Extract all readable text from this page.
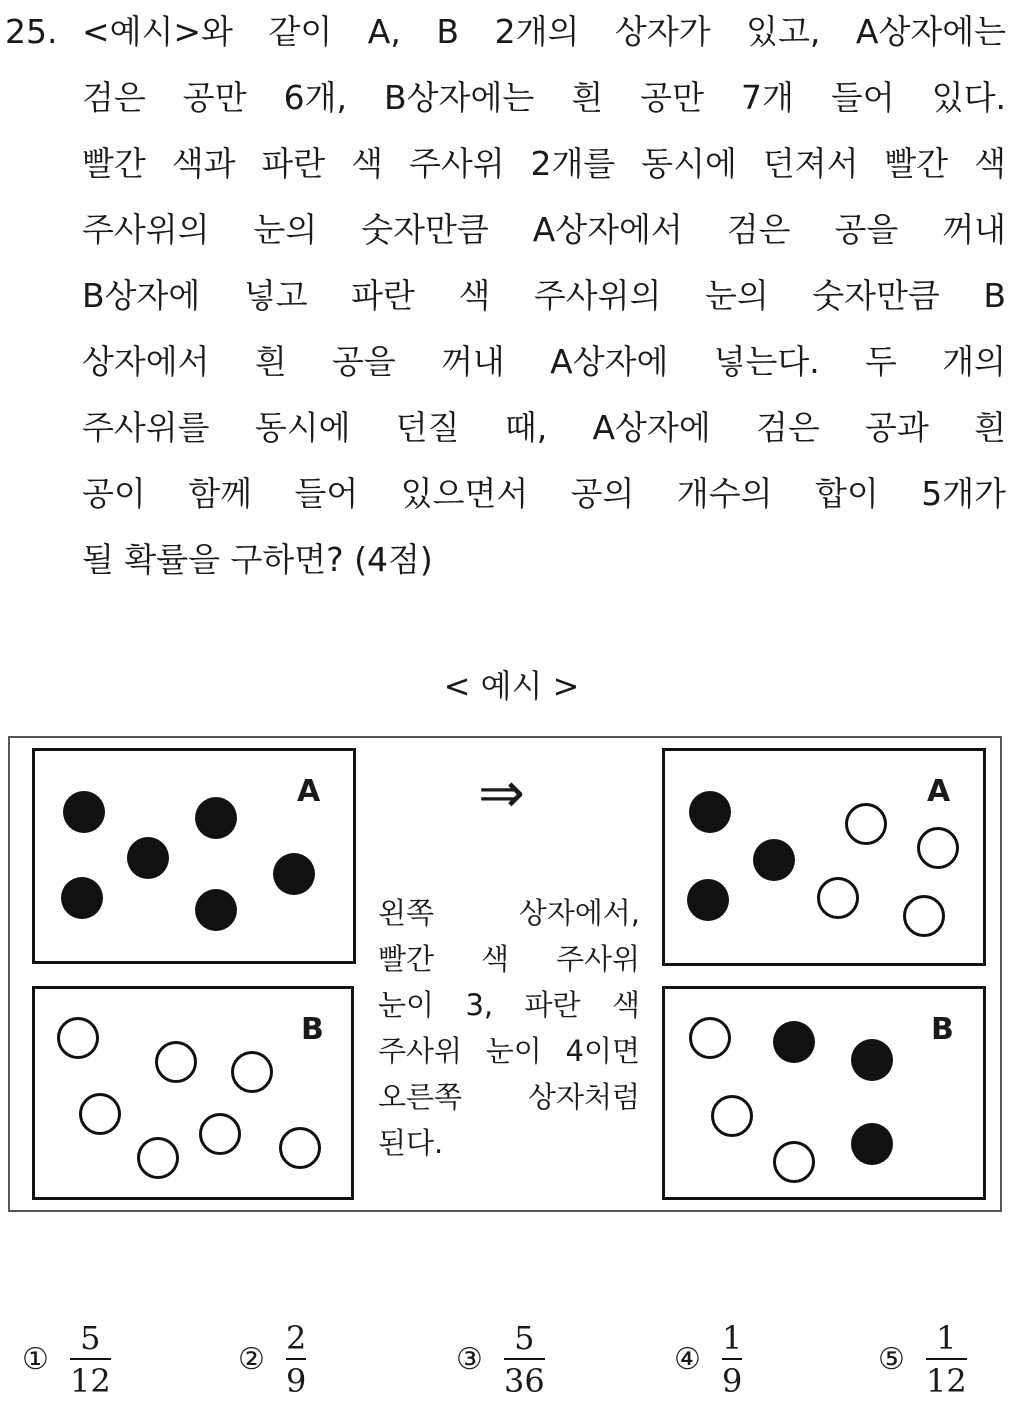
25. <예시>와 같이 A, B 2개의 상자가 있고, A상자에는
검은 공만 6개, B상자에는 흰 공만 7개 들어 있다.
빨간 색과 파란 색 주사위 2개를 동시에 던져서 빨간 색
주사위의 눈의 숫자만큼 A상자에서 검은 공을 꺼내
B상자에 넣고 파란 색 주사위의 눈의 숫자만큼 B
상자에서 흰 공을 꺼내 A상자에 넣는다. 두 개의
주사위를 동시에 던질 때, A상자에 검은 공과 흰
공이 함께 들어 있으면서 공의 개수의 합이 5개가
될 확률을 구하면? (4점)
< 예시 >
A
B
⇒
왼쪽 상자에서,
빨간 색 주사위
눈이 3, 파란 색
주사위 눈이 4이면
오른쪽 상자처럼
된다.
A
B
①
5
12
②
2
9
③
5
36
④
1
9
⑤
1
12
